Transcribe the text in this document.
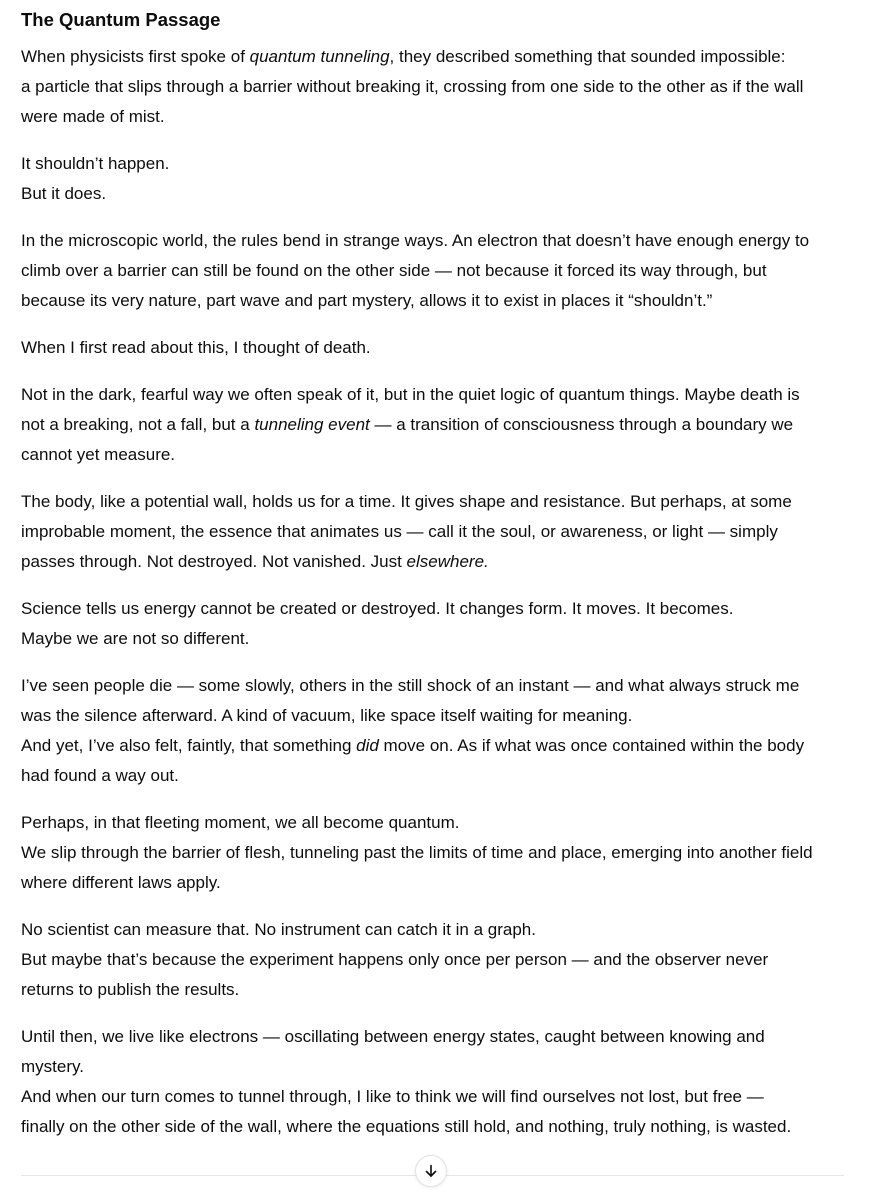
The Quantum Passage

When physicists first spoke of quantum tunneling, they described something that sounded impossible:
a particle that slips through a barrier without breaking it, crossing from one side to the other as if the wall
were made of mist.

It shouldn’t happen.
But it does.

In the microscopic world, the rules bend in strange ways. An electron that doesn’t have enough energy to
climb over a barrier can still be found on the other side — not because it forced its way through, but
because its very nature, part wave and part mystery, allows it to exist in places it “shouldn’t.”

When I first read about this, I thought of death.

Not in the dark, fearful way we often speak of it, but in the quiet logic of quantum things. Maybe death is
not a breaking, not a fall, but a tunneling event — a transition of consciousness through a boundary we
cannot yet measure.

The body, like a potential wall, holds us for a time. It gives shape and resistance. But perhaps, at some
improbable moment, the essence that animates us — call it the soul, or awareness, or light — simply
passes through. Not destroyed. Not vanished. Just elsewhere.

Science tells us energy cannot be created or destroyed. It changes form. It moves. It becomes.
Maybe we are not so different.

I’ve seen people die — some slowly, others in the still shock of an instant — and what always struck me
was the silence afterward. A kind of vacuum, like space itself waiting for meaning.
And yet, I’ve also felt, faintly, that something did move on. As if what was once contained within the body
had found a way out.

Perhaps, in that fleeting moment, we all become quantum.
We slip through the barrier of flesh, tunneling past the limits of time and place, emerging into another field
where different laws apply.

No scientist can measure that. No instrument can catch it in a graph.
But maybe that’s because the experiment happens only once per person — and the observer never
returns to publish the results.

Until then, we live like electrons — oscillating between energy states, caught between knowing and
mystery.
And when our turn comes to tunnel through, I like to think we will find ourselves not lost, but free —
finally on the other side of the wall, where the equations still hold, and nothing, truly nothing, is wasted.
